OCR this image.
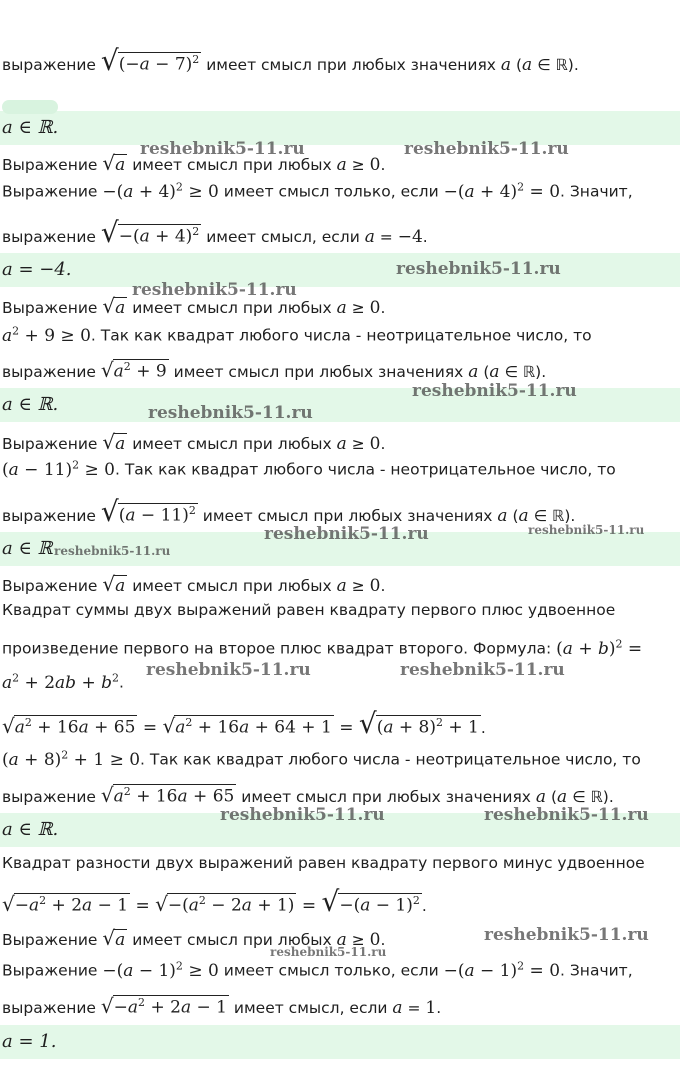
a ∈ ℝ.
a = −4.
a ∈ ℝ.
a ∈ ℝ
a ∈ ℝ.
a = 1.
выражение $√(-a - 7)^2$ имеет смысл при любых значениях a (a ∈ ℝ).
Выражение √a имеет смысл при любых a ≥ 0.
Выражение $-(a + 4)^2 \ge 0$ имеет смысл только, если $-(a + 4)^2 = 0$. Значит,
выражение $√-(a + 4)^2$ имеет смысл, если a = −4.
Выражение √a имеет смысл при любых a ≥ 0.
$a^2 + 9 \ge 0$. Так как квадрат любого числа - неотрицательное число, то
выражение $√a^2 + 9$ имеет смысл при любых значениях a (a ∈ ℝ).
Выражение √a имеет смысл при любых a ≥ 0.
$(a - 11)^2 \ge 0$. Так как квадрат любого числа - неотрицательное число, то
выражение $√(a - 11)^2$ имеет смысл при любых значениях a (a ∈ ℝ).
Выражение √a имеет смысл при любых a ≥ 0.
Квадрат суммы двух выражений равен квадрату первого плюс удвоенное
произведение первого на второе плюс квадрат второго. Формула: $(a + b)^2$ =
$a^2 + 2ab + b^2$.
$√a^2 + 16a + 65 = √a^2 + 16a + 64 + 1 = √(a + 8)^2 + 1$ .
$(a + 8)^2 + 1 \ge 0$. Так как квадрат любого числа - неотрицательное число, то
выражение $√a^2 + 16a + 65$ имеет смысл при любых значениях a (a ∈ ℝ).
Квадрат разности двух выражений равен квадрату первого минус удвоенное
$√-a^2 + 2a - 1 = √-(a^2 - 2a + 1) = √-(a - 1)^2$ .
Выражение √a имеет смысл при любых a ≥ 0.
Выражение $-(a - 1)^2 \ge 0$ имеет смысл только, если $-(a - 1)^2 = 0$. Значит,
выражение $√-a^2 + 2a - 1$ имеет смысл, если a = 1.
reshebnik5-11.ru	reshebnik5-11.ru
reshebnik5-11.ru
reshebnik5-11.ru
reshebnik5-11.ru
reshebnik5-11.ru
reshebnik5-11.ru	reshebnik5-11.ru
reshebnik5-11.ru
reshebnik5-11.ru	reshebnik5-11.ru
reshebnik5-11.ru	reshebnik5-11.ru
reshebnik5-11.ru
reshebnik5-11.ru
